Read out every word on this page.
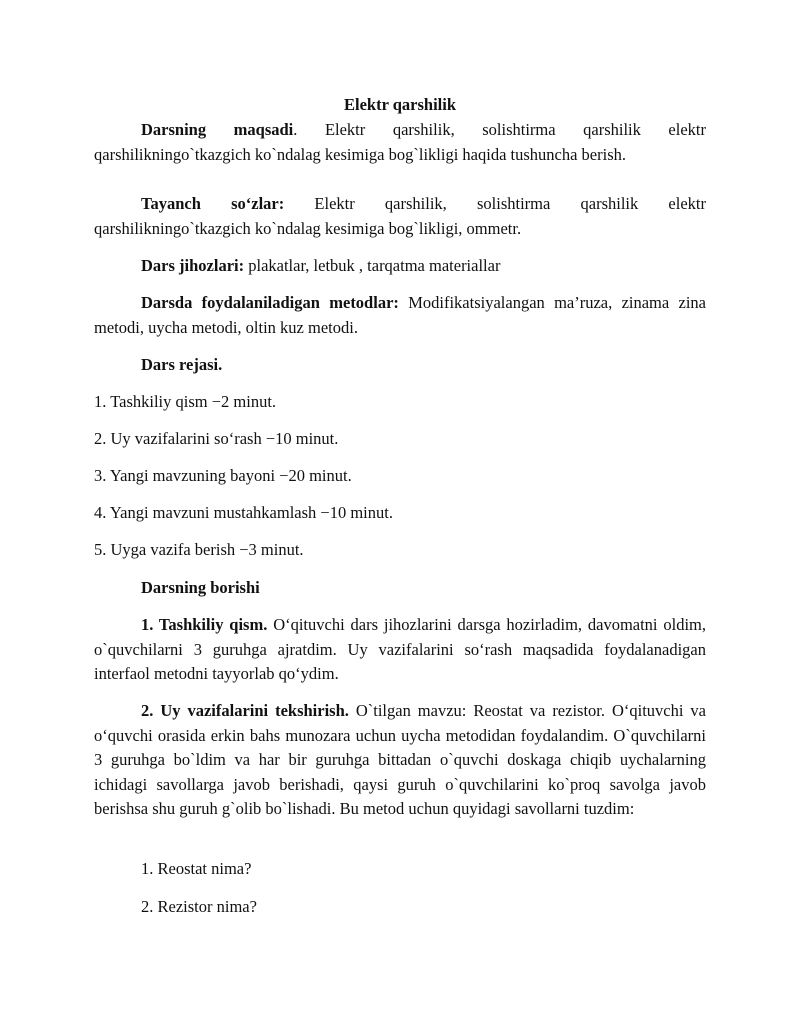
Elektr qarshilik

Darsning maqsadi. Elektr qarshilik, solishtirma qarshilik elektr qarshilikningo`tkazgich ko`ndalag kesimiga bog`likligi haqida tushuncha berish.

Tayanch so‘zlar: Elektr qarshilik, solishtirma qarshilik elektr qarshilikningo`tkazgich ko`ndalag kesimiga bog`likligi, ommetr.

Dars jihozlari: plakatlar, letbuk , tarqatma materiallar

Darsda foydalaniladigan metodlar: Modifikatsiyalangan ma’ruza, zinama zina metodi, uycha metodi, oltin kuz metodi.

Dars rejasi.
1. Tashkiliy qism −2 minut.
2. Uy vazifalarini so‘rash −10 minut.
3. Yangi mavzuning bayoni −20 minut.
4. Yangi mavzuni mustahkamlash −10 minut.
5. Uyga vazifa berish −3 minut.
Darsning borishi

1. Tashkiliy qism. O‘qituvchi dars jihozlarini darsga hozirladim, davomatni oldim, o`quvchilarni 3 guruhga ajratdim. Uy vazifalarini so‘rash maqsadida foydalanadigan interfaol metodni tayyorlab qo‘ydim.

2. Uy vazifalarini tekshirish. O`tilgan mavzu: Reostat va rezistor. O‘qituvchi va o‘quvchi orasida erkin bahs munozara uchun uycha metodidan foydalandim. O`quvchilarni 3 guruhga bo`ldim va har bir guruhga bittadan o`quvchi doskaga chiqib uychalarning ichidagi savollarga javob berishadi, qaysi guruh o`quvchilarini ko`proq savolga javob berishsa shu guruh g`olib bo`lishadi. Bu metod uchun quyidagi savollarni tuzdim:

1. Reostat nima?
2. Rezistor nima?
